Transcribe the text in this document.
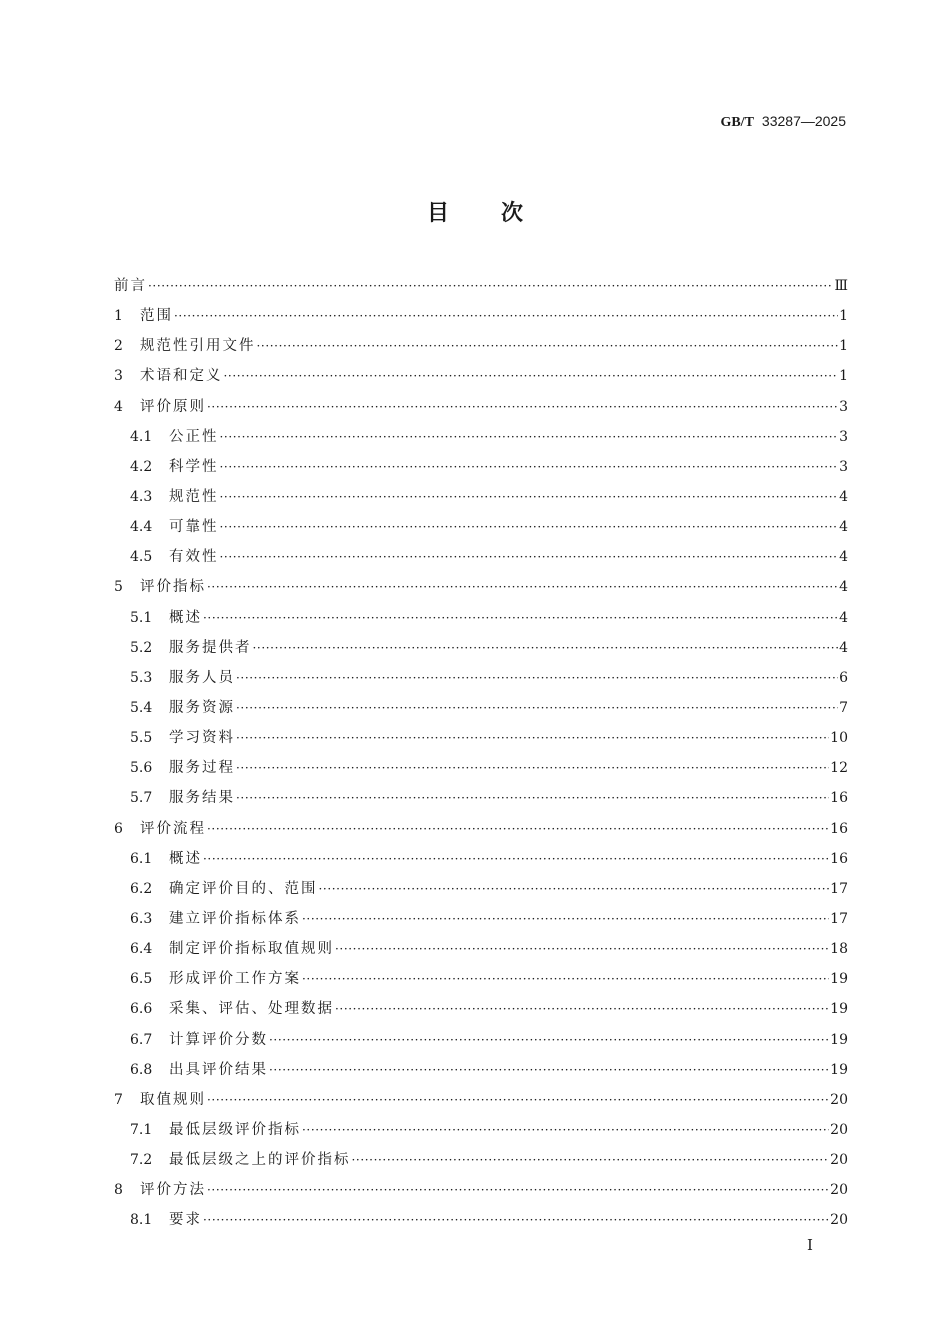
GB/T 33287—2025
目次
前言 ·····	Ⅲ
1	范围 ·····	1
2	规范性引用文件 ·····	1
3	术语和定义 ·····	1
4	评价原则 ·····	3
4.1	公正性 ·····	3
4.2	科学性 ·····	3
4.3	规范性 ·····	4
4.4	可靠性 ·····	4
4.5	有效性 ·····	4
5	评价指标 ·····	4
5.1	概述 ·····	4
5.2	服务提供者 ·····	4
5.3	服务人员 ·····	6
5.4	服务资源 ·····	7
5.5	学习资料 ·····	10
5.6	服务过程 ·····	12
5.7	服务结果 ·····	16
6	评价流程 ·····	16
6.1	概述 ·····	16
6.2	确定评价目的、范围 ·····	17
6.3	建立评价指标体系 ·····	17
6.4	制定评价指标取值规则 ·····	18
6.5	形成评价工作方案 ·····	19
6.6	采集、评估、处理数据 ·····	19
6.7	计算评价分数 ·····	19
6.8	出具评价结果 ·····	19
7	取值规则 ·····	20
7.1	最低层级评价指标 ·····	20
7.2	最低层级之上的评价指标 ·····	20
8	评价方法 ·····	20
8.1	要求 ·····	20
Ⅰ
